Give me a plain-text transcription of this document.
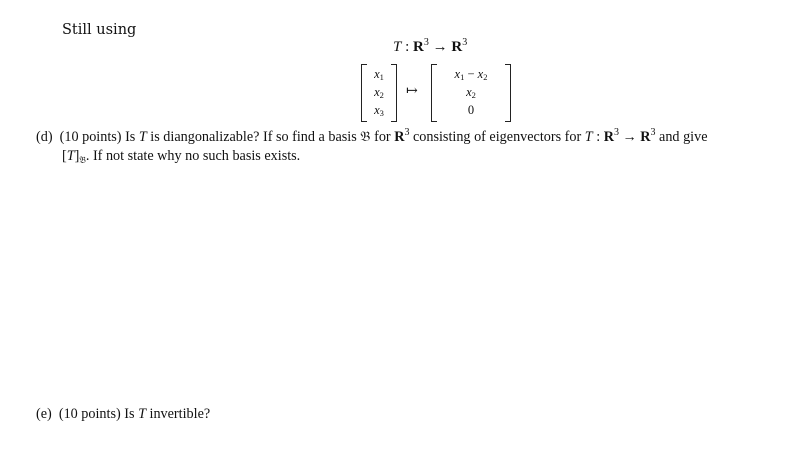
Still using
T : $R^3 \to R^3$
$x_1$
$x_2$
$x_3$
↦
$x_1 - x_2$
$x_2$
0
(d) (10 points) Is T is diangonalizable? If so find a basis 𝔅 for $R^3$ consisting of eigenvectors for T : $R^3 \to R^3$ and give
$[T]_𝔅$. If not state why no such basis exists.
(e) (10 points) Is T invertible?
